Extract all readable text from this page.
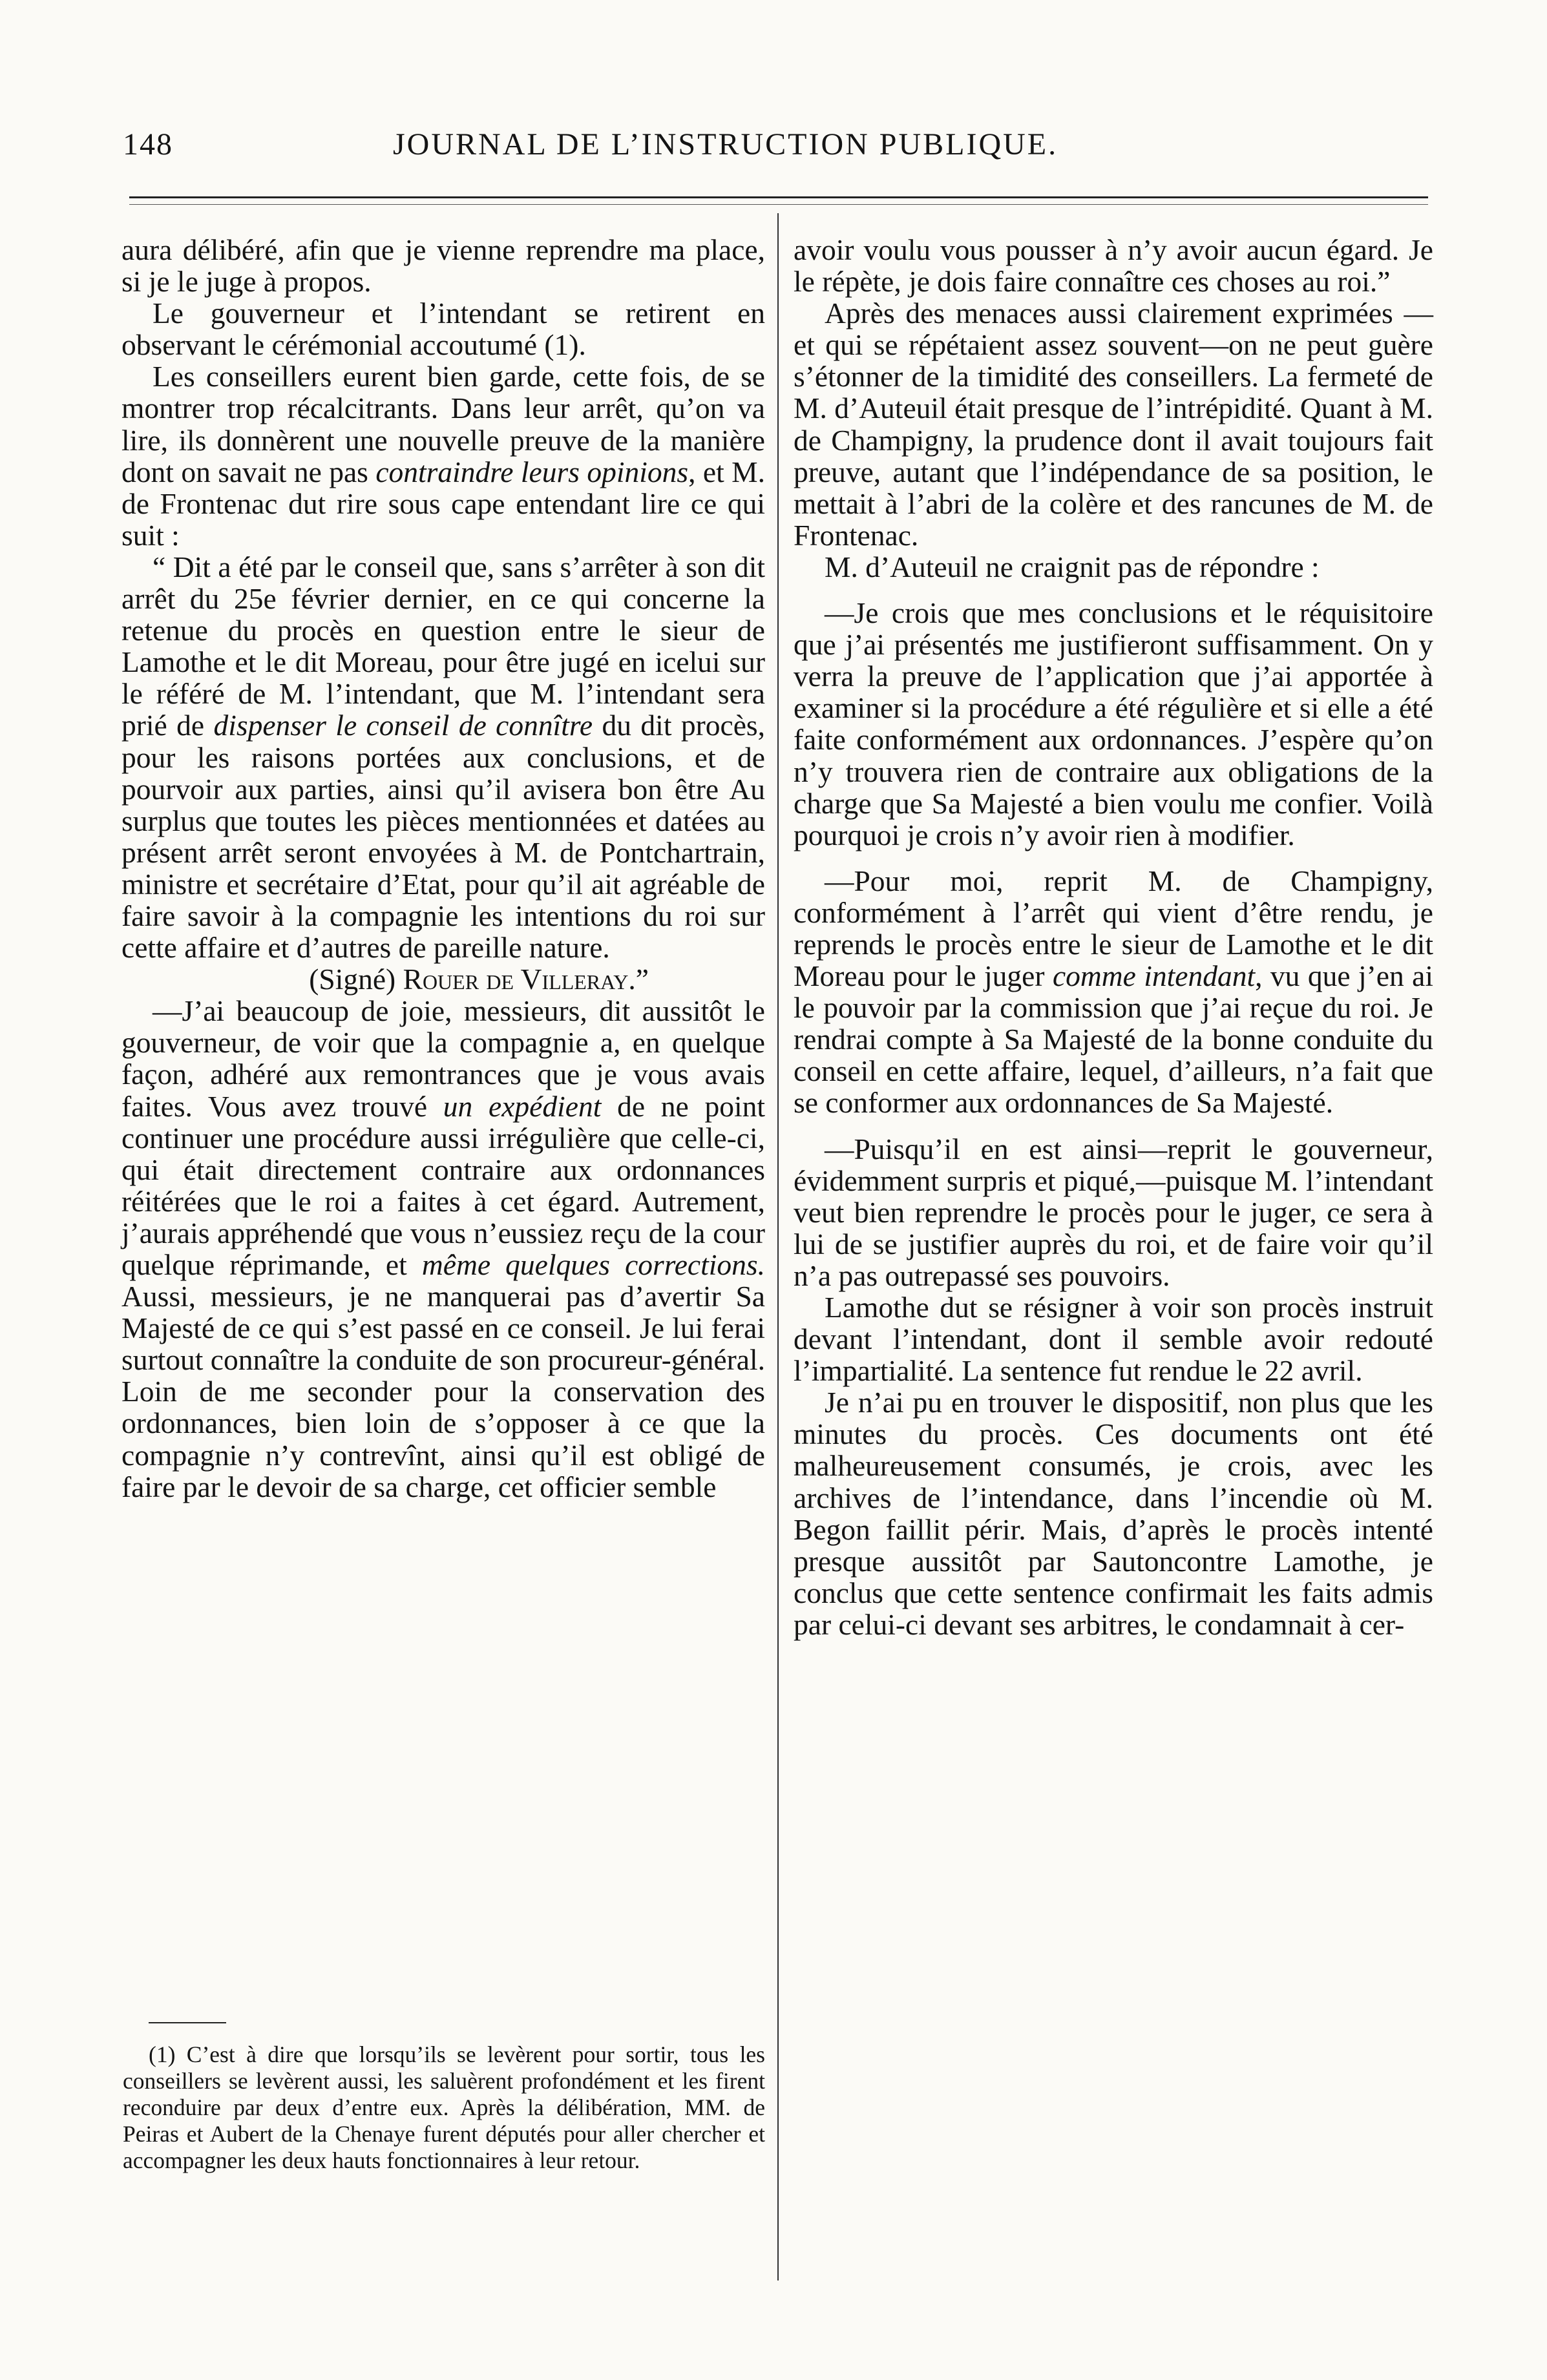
148	JOURNAL DE L’INSTRUCTION PUBLIQUE.

aura délibéré, afin que je vienne reprendre ma place, si je le juge à propos.

Le gouverneur et l’intendant se retirent en observant le cérémonial accoutumé (1).

Les conseillers eurent bien garde, cette fois, de se montrer trop récalcitrants. Dans leur arrêt, qu’on va lire, ils donnèrent une nouvelle preuve de la manière dont on savait ne pas contraindre leurs opinions, et M. de Frontenac dut rire sous cape entendant lire ce qui suit :

“ Dit a été par le conseil que, sans s’arrêter à son dit arrêt du 25e février dernier, en ce qui concerne la retenue du procès en question entre le sieur de Lamothe et le dit Moreau, pour être jugé en icelui sur le référé de M. l’intendant, que M. l’intendant sera prié de dispenser le conseil de connître du dit procès, pour les raisons portées aux conclusions, et de pourvoir aux parties, ainsi qu’il avisera bon être Au surplus que toutes les pièces mentionnées et datées au présent arrêt seront envoyées à M. de Pontchartrain, ministre et secrétaire d’Etat, pour qu’il ait agréable de faire savoir à la compagnie les intentions du roi sur cette affaire et d’autres de pareille nature.

(Signé) Rouer de Villeray.”

—J’ai beaucoup de joie, messieurs, dit aussitôt le gouverneur, de voir que la compagnie a, en quelque façon, adhéré aux remontrances que je vous avais faites. Vous avez trouvé un expédient de ne point continuer une procédure aussi irrégulière que celle-ci, qui était directement contraire aux ordonnances réitérées que le roi a faites à cet égard. Autrement, j’aurais appréhendé que vous n’eussiez reçu de la cour quelque réprimande, et même quelques corrections. Aussi, messieurs, je ne manquerai pas d’avertir Sa Majesté de ce qui s’est passé en ce conseil. Je lui ferai surtout connaître la conduite de son procureur-général. Loin de me seconder pour la conservation des ordonnances, bien loin de s’opposer à ce que la compagnie n’y contrevînt, ainsi qu’il est obligé de faire par le devoir de sa charge, cet officier semble

(1) C’est à dire que lorsqu’ils se levèrent pour sortir, tous les conseillers se levèrent aussi, les saluèrent profondément et les firent reconduire par deux d’entre eux. Après la délibération, MM. de Peiras et Aubert de la Chenaye furent députés pour aller chercher et accompagner les deux hauts fonctionnaires à leur retour.

avoir voulu vous pousser à n’y avoir aucun égard. Je le répète, je dois faire connaître ces choses au roi.”

Après des menaces aussi clairement exprimées — et qui se répétaient assez souvent—on ne peut guère s’étonner de la timidité des conseillers. La fermeté de M. d’Auteuil était presque de l’intrépidité. Quant à M. de Champigny, la prudence dont il avait toujours fait preuve, autant que l’indépendance de sa position, le mettait à l’abri de la colère et des rancunes de M. de Frontenac.

M. d’Auteuil ne craignit pas de répondre :

—Je crois que mes conclusions et le réquisitoire que j’ai présentés me justifieront suffisamment. On y verra la preuve de l’application que j’ai apportée à examiner si la procédure a été régulière et si elle a été faite conformément aux ordonnances. J’espère qu’on n’y trouvera rien de contraire aux obligations de la charge que Sa Majesté a bien voulu me confier. Voilà pourquoi je crois n’y avoir rien à modifier.

—Pour moi, reprit M. de Champigny, conformément à l’arrêt qui vient d’être rendu, je reprends le procès entre le sieur de Lamothe et le dit Moreau pour le juger comme intendant, vu que j’en ai le pouvoir par la commission que j’ai reçue du roi. Je rendrai compte à Sa Majesté de la bonne conduite du conseil en cette affaire, lequel, d’ailleurs, n’a fait que se conformer aux ordonnances de Sa Majesté.

—Puisqu’il en est ainsi—reprit le gouverneur, évidemment surpris et piqué,—puisque M. l’intendant veut bien reprendre le procès pour le juger, ce sera à lui de se justifier auprès du roi, et de faire voir qu’il n’a pas outrepassé ses pouvoirs.

Lamothe dut se résigner à voir son procès instruit devant l’intendant, dont il semble avoir redouté l’impartialité. La sentence fut rendue le 22 avril.

Je n’ai pu en trouver le dispositif, non plus que les minutes du procès. Ces documents ont été malheureusement consumés, je crois, avec les archives de l’intendance, dans l’incendie où M. Begon faillit périr. Mais, d’après le procès intenté presque aussitôt par Sautoncontre Lamothe, je conclus que cette sentence confirmait les faits admis par celui-ci devant ses arbitres, le condamnait à cer-
